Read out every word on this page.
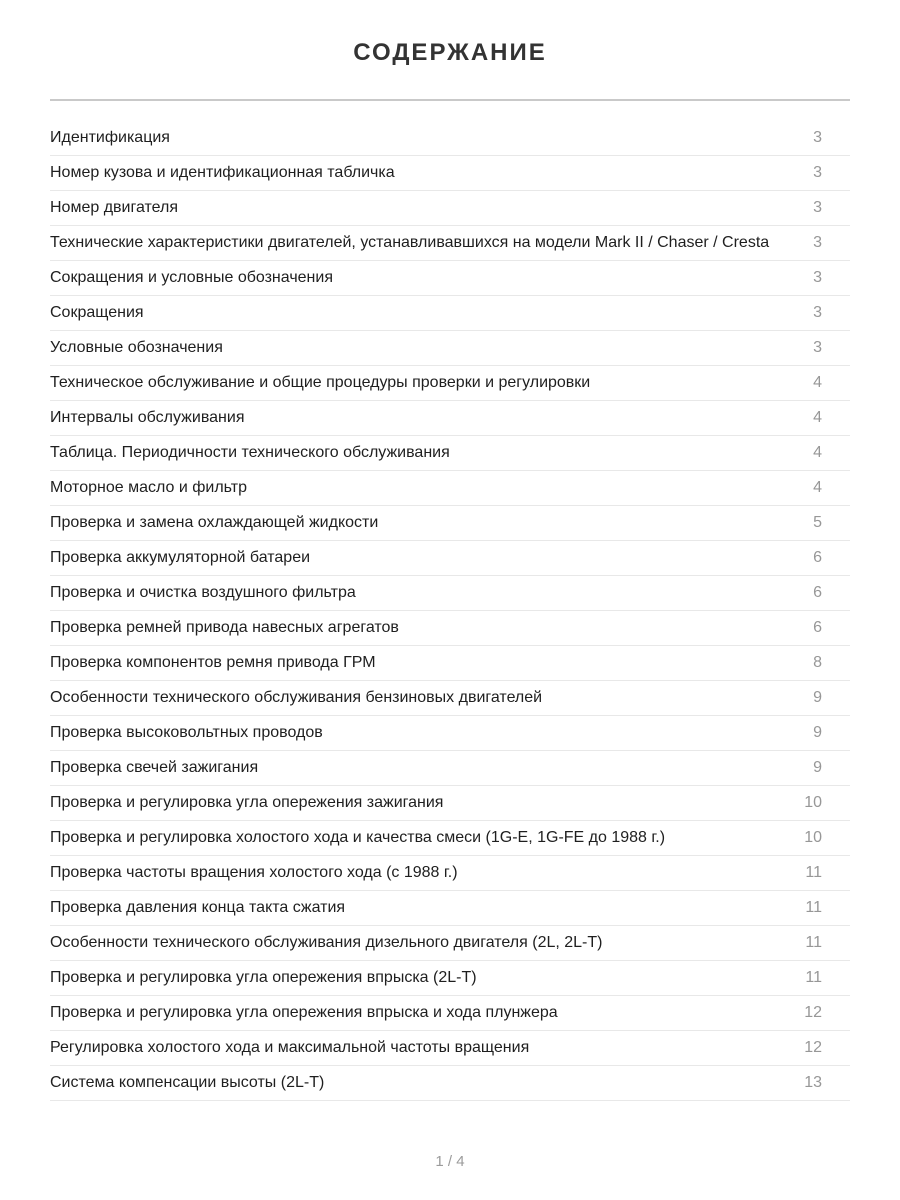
СОДЕРЖАНИЕ
Идентификация	3
Номер кузова и идентификационная табличка	3
Номер двигателя	3
Технические характеристики двигателей, устанавливавшихся на модели Mark II / Chaser / Cresta	3
Сокращения и условные обозначения	3
Сокращения	3
Условные обозначения	3
Техническое обслуживание и общие процедуры проверки и регулировки	4
Интервалы обслуживания	4
Таблица. Периодичности технического обслуживания	4
Моторное масло и фильтр	4
Проверка и замена охлаждающей жидкости	5
Проверка аккумуляторной батареи	6
Проверка и очистка воздушного фильтра	6
Проверка ремней привода навесных агрегатов	6
Проверка компонентов ремня привода ГРМ	8
Особенности технического обслуживания бензиновых двигателей	9
Проверка высоковольтных проводов	9
Проверка свечей зажигания	9
Проверка и регулировка угла опережения зажигания	10
Проверка и регулировка холостого хода и качества смеси (1G-E, 1G-FE до 1988 г.)	10
Проверка частоты вращения холостого хода (с 1988 г.)	11
Проверка давления конца такта сжатия	11
Особенности технического обслуживания дизельного двигателя (2L, 2L-T)	11
Проверка и регулировка угла опережения впрыска (2L-T)	11
Проверка и регулировка угла опережения впрыска и хода плунжера	12
Регулировка холостого хода и максимальной частоты вращения	12
Система компенсации высоты (2L-T)	13
1 / 4
